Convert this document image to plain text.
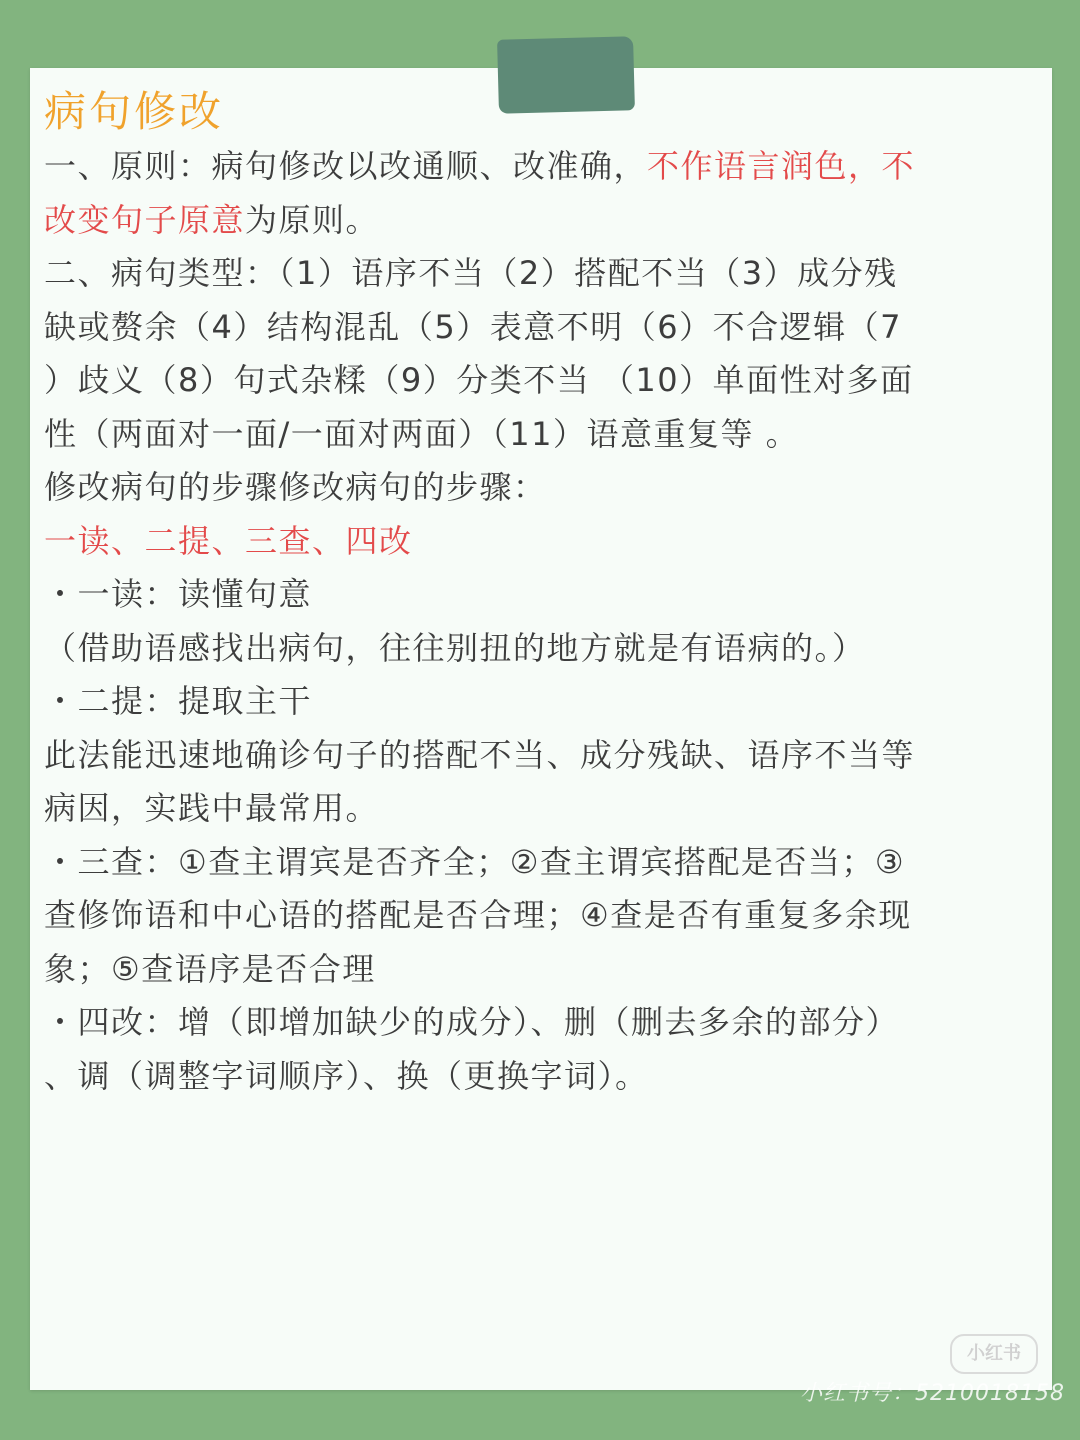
病句修改
一、原则：病句修改以改通顺、改准确，不作语言润色，不
改变句子原意为原则。
二、病句类型：（1）语序不当（2）搭配不当（3）成分残
缺或赘余（4）结构混乱（5）表意不明（6）不合逻辑（7
）歧义（8）句式杂糅（9）分类不当 （10）单面性对多面
性（两面对一面/一面对两面）（11）语意重复等 。
修改病句的步骤修改病句的步骤：
一读、二提、三查、四改
・一读：读懂句意
（借助语感找出病句，往往别扭的地方就是有语病的。）
・二提：提取主干
此法能迅速地确诊句子的搭配不当、成分残缺、语序不当等
病因，实践中最常用。
・三查：①查主谓宾是否齐全；②查主谓宾搭配是否当；③
查修饰语和中心语的搭配是否合理；④查是否有重复多余现
象；⑤查语序是否合理
・四改：增（即增加缺少的成分）、删（删去多余的部分）
、调（调整字词顺序）、换（更换字词）。
小红书
小红书号：5210018158
